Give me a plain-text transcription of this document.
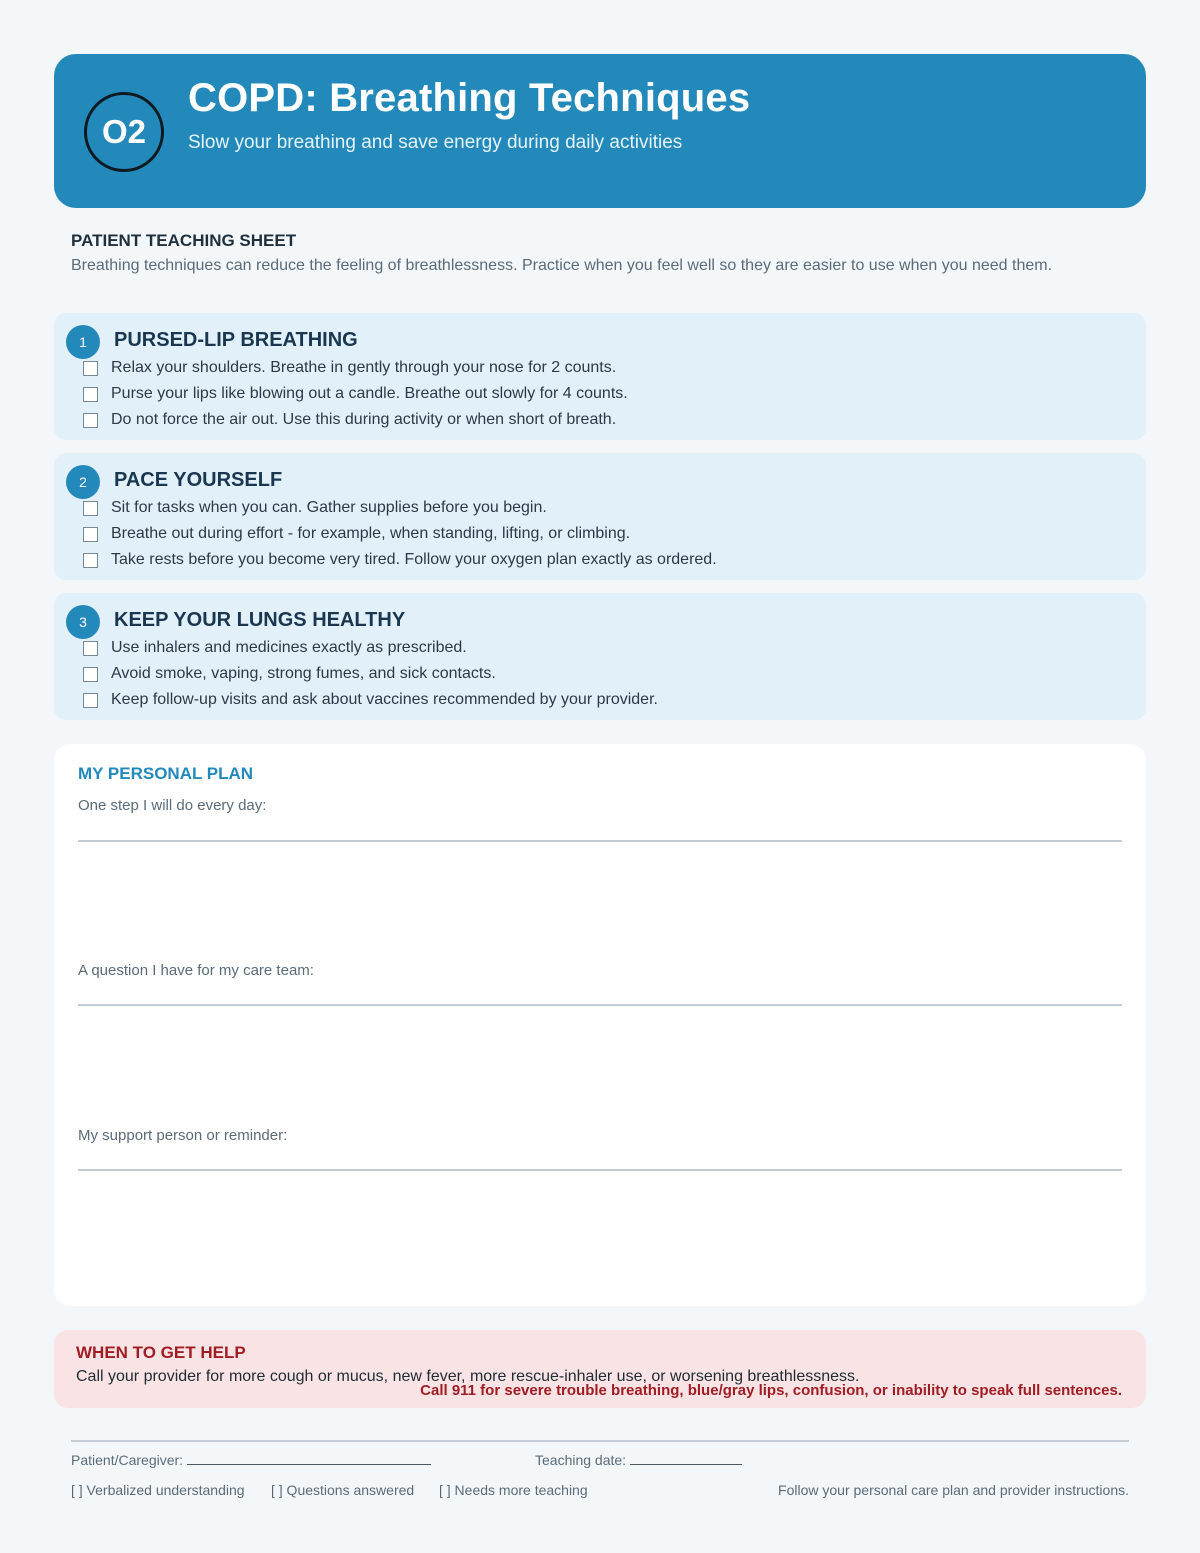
O2
COPD: Breathing Techniques

Slow your breathing and save energy during daily activities

PATIENT TEACHING SHEET

Breathing techniques can reduce the feeling of breathlessness. Practice when you feel well so they are easier to use when you need them.

1	PURSED-LIP BREATHING
Relax your shoulders. Breathe in gently through your nose for 2 counts.
Purse your lips like blowing out a candle. Breathe out slowly for 4 counts.
Do not force the air out. Use this during activity or when short of breath.
2	PACE YOURSELF
Sit for tasks when you can. Gather supplies before you begin.
Breathe out during effort - for example, when standing, lifting, or climbing.
Take rests before you become very tired. Follow your oxygen plan exactly as ordered.
3	KEEP YOUR LUNGS HEALTHY
Use inhalers and medicines exactly as prescribed.
Avoid smoke, vaping, strong fumes, and sick contacts.
Keep follow-up visits and ask about vaccines recommended by your provider.
MY PERSONAL PLAN

One step I will do every day:

A question I have for my care team:

My support person or reminder:

WHEN TO GET HELP

Call your provider for more cough or mucus, new fever, more rescue-inhaler use, or worsening breathlessness.

Call 911 for severe trouble breathing, blue/gray lips, confusion, or inability to speak full sentences.

Patient/Caregiver:	Teaching date:

[ ] Verbalized understanding [ ] Questions answered [ ] Needs more teaching	Follow your personal care plan and provider instructions.
